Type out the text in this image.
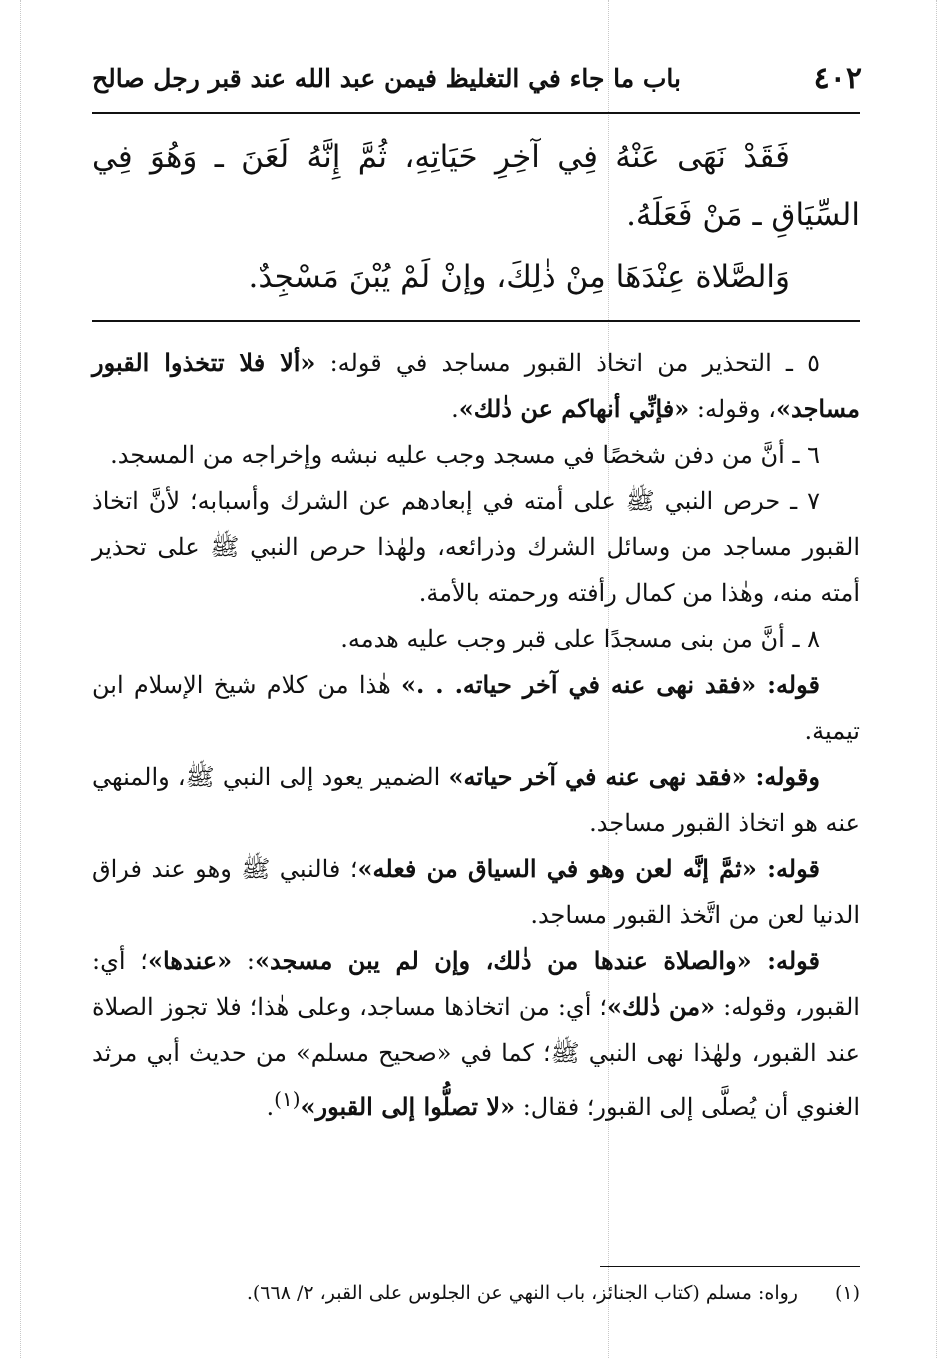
٤٠٢
باب ما جاء في التغليظ فيمن عبد الله عند قبر رجل صالح

فَقَدْ نَهَى عَنْهُ فِي آخِرِ حَيَاتِهِ، ثُمَّ إِنَّهُ لَعَنَ ـ وَهُوَ فِي السِّيَاقِ ـ مَنْ فَعَلَهُ.

وَالصَّلاة عِنْدَهَا مِنْ ذٰلِكَ، وإنْ لَمْ يُبْنَ مَسْجِدٌ.

٥ ـ التحذير من اتخاذ القبور مساجد في قوله: «ألا فلا تتخذوا القبور مساجد»، وقوله: «فإنِّي أنهاكم عن ذٰلك».

٦ ـ أنَّ من دفن شخصًا في مسجد وجب عليه نبشه وإخراجه من المسجد.

٧ ـ حرص النبي ﷺ على أمته في إبعادهم عن الشرك وأسبابه؛ لأنَّ اتخاذ القبور مساجد من وسائل الشرك وذرائعه، ولهٰذا حرص النبي ﷺ على تحذير أمته منه، وهٰذا من كمال رأفته ورحمته بالأمة.

٨ ـ أنَّ من بنى مسجدًا على قبر وجب عليه هدمه.

قوله: «فقد نهى عنه في آخر حياته. . .» هٰذا من كلام شيخ الإسلام ابن تيمية.

وقوله: «فقد نهى عنه في آخر حياته» الضمير يعود إلى النبي ﷺ، والمنهي عنه هو اتخاذ القبور مساجد.

قوله: «ثمَّ إنَّه لعن وهو في السياق من فعله»؛ فالنبي ﷺ وهو عند فراق الدنيا لعن من اتَّخذ القبور مساجد.

قوله: «والصلاة عندها من ذٰلك، وإن لم يبن مسجد»: «عندها»؛ أي: القبور، وقوله: «من ذٰلك»؛ أي: من اتخاذها مساجد، وعلى هٰذا؛ فلا تجوز الصلاة عند القبور، ولهٰذا نهى النبي ﷺ؛ كما في «صحيح مسلم» من حديث أبي مرثد الغنوي أن يُصلَّى إلى القبور؛ فقال: «لا تصلُّوا إلى القبور»$^{(١)}$.

(١) رواه: مسلم (كتاب الجنائز، باب النهي عن الجلوس على القبر، ٢/ ٦٦٨).
